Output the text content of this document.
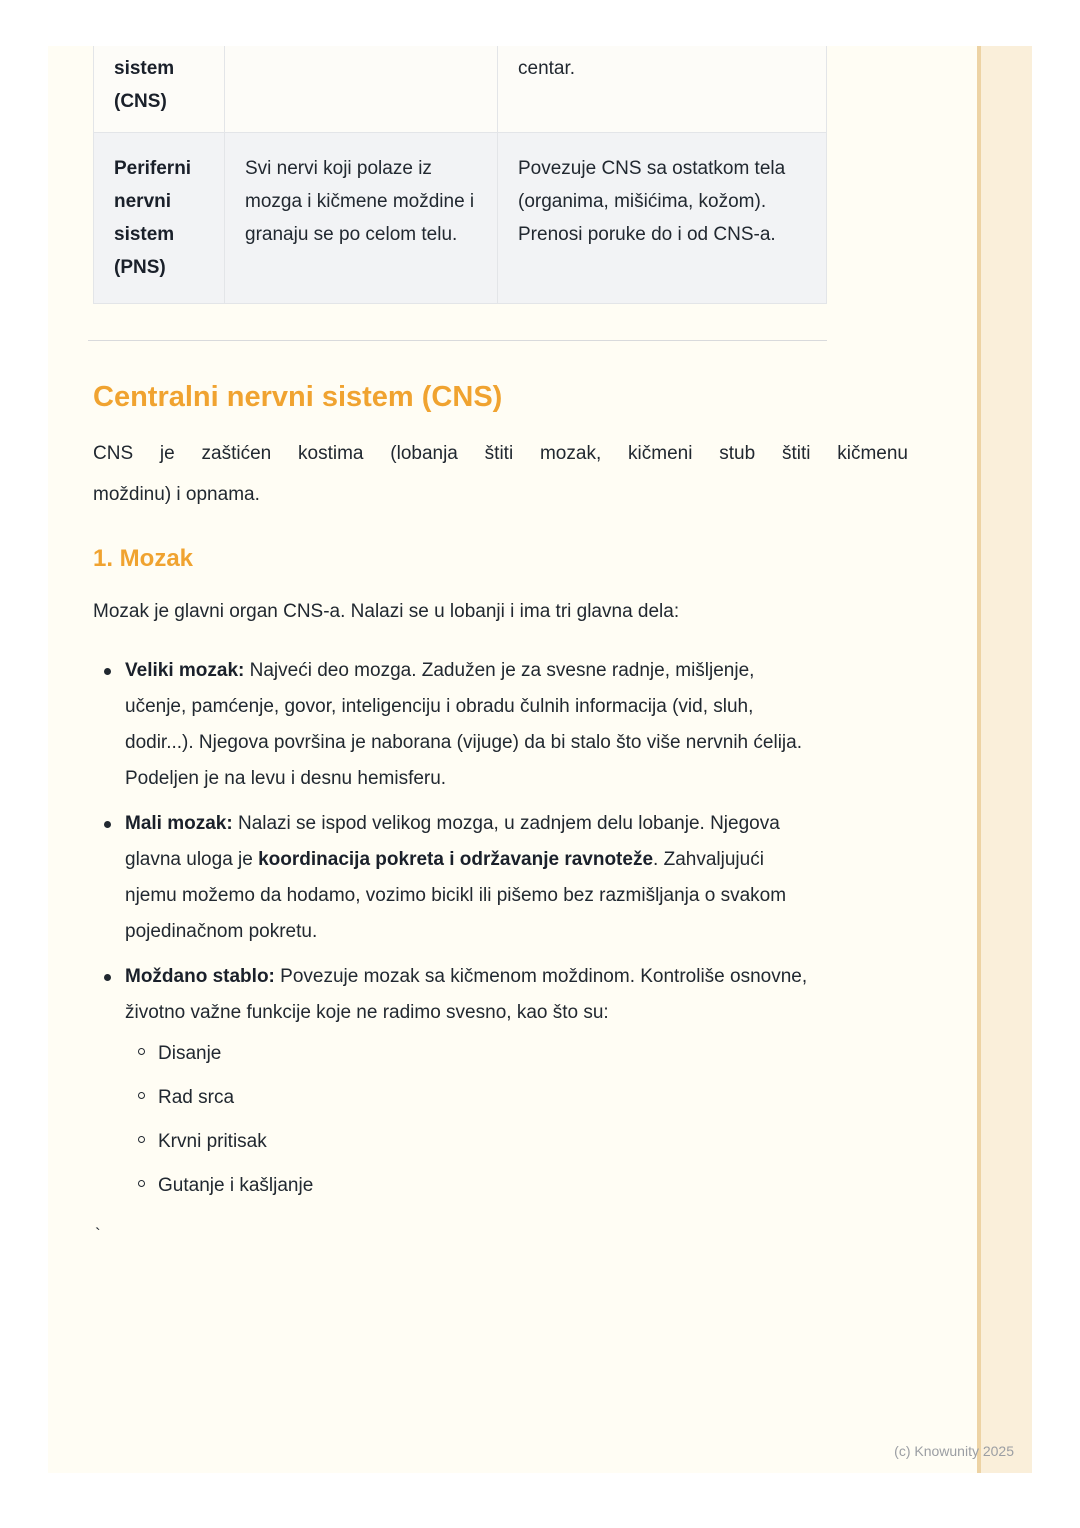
sistem (CNS)		centar.
Periferni nervni sistem (PNS)	Svi nervi koji polaze iz mozga i kičmene moždine i granaju se po celom telu.	Povezuje CNS sa ostatkom tela (organima, mišićima, kožom). Prenosi poruke do i od CNS-a.
Centralni nervni sistem (CNS)

CNS je zaštićen kostima (lobanja štiti mozak, kičmeni stub štiti kičmenu
moždinu) i opnama.

1. Mozak

Mozak je glavni organ CNS-a. Nalazi se u lobanji i ima tri glavna dela:

Veliki mozak: Najveći deo mozga. Zadužen je za svesne radnje, mišljenje, učenje, pamćenje, govor, inteligenciju i obradu čulnih informacija (vid, sluh, dodir...). Njegova površina je naborana (vijuge) da bi stalo što više nervnih ćelija. Podeljen je na levu i desnu hemisferu.
Mali mozak: Nalazi se ispod velikog mozga, u zadnjem delu lobanje. Njegova glavna uloga je koordinacija pokreta i održavanje ravnoteže. Zahvaljujući njemu možemo da hodamo, vozimo bicikl ili pišemo bez razmišljanja o svakom pojedinačnom pokretu.
Moždano stablo: Povezuje mozak sa kičmenom moždinom. Kontroliše osnovne, životno važne funkcije koje ne radimo svesno, kao što su:
Disanje
Rad srca
Krvni pritisak
Gutanje i kašljanje
`
(c) Knowunity 2025
